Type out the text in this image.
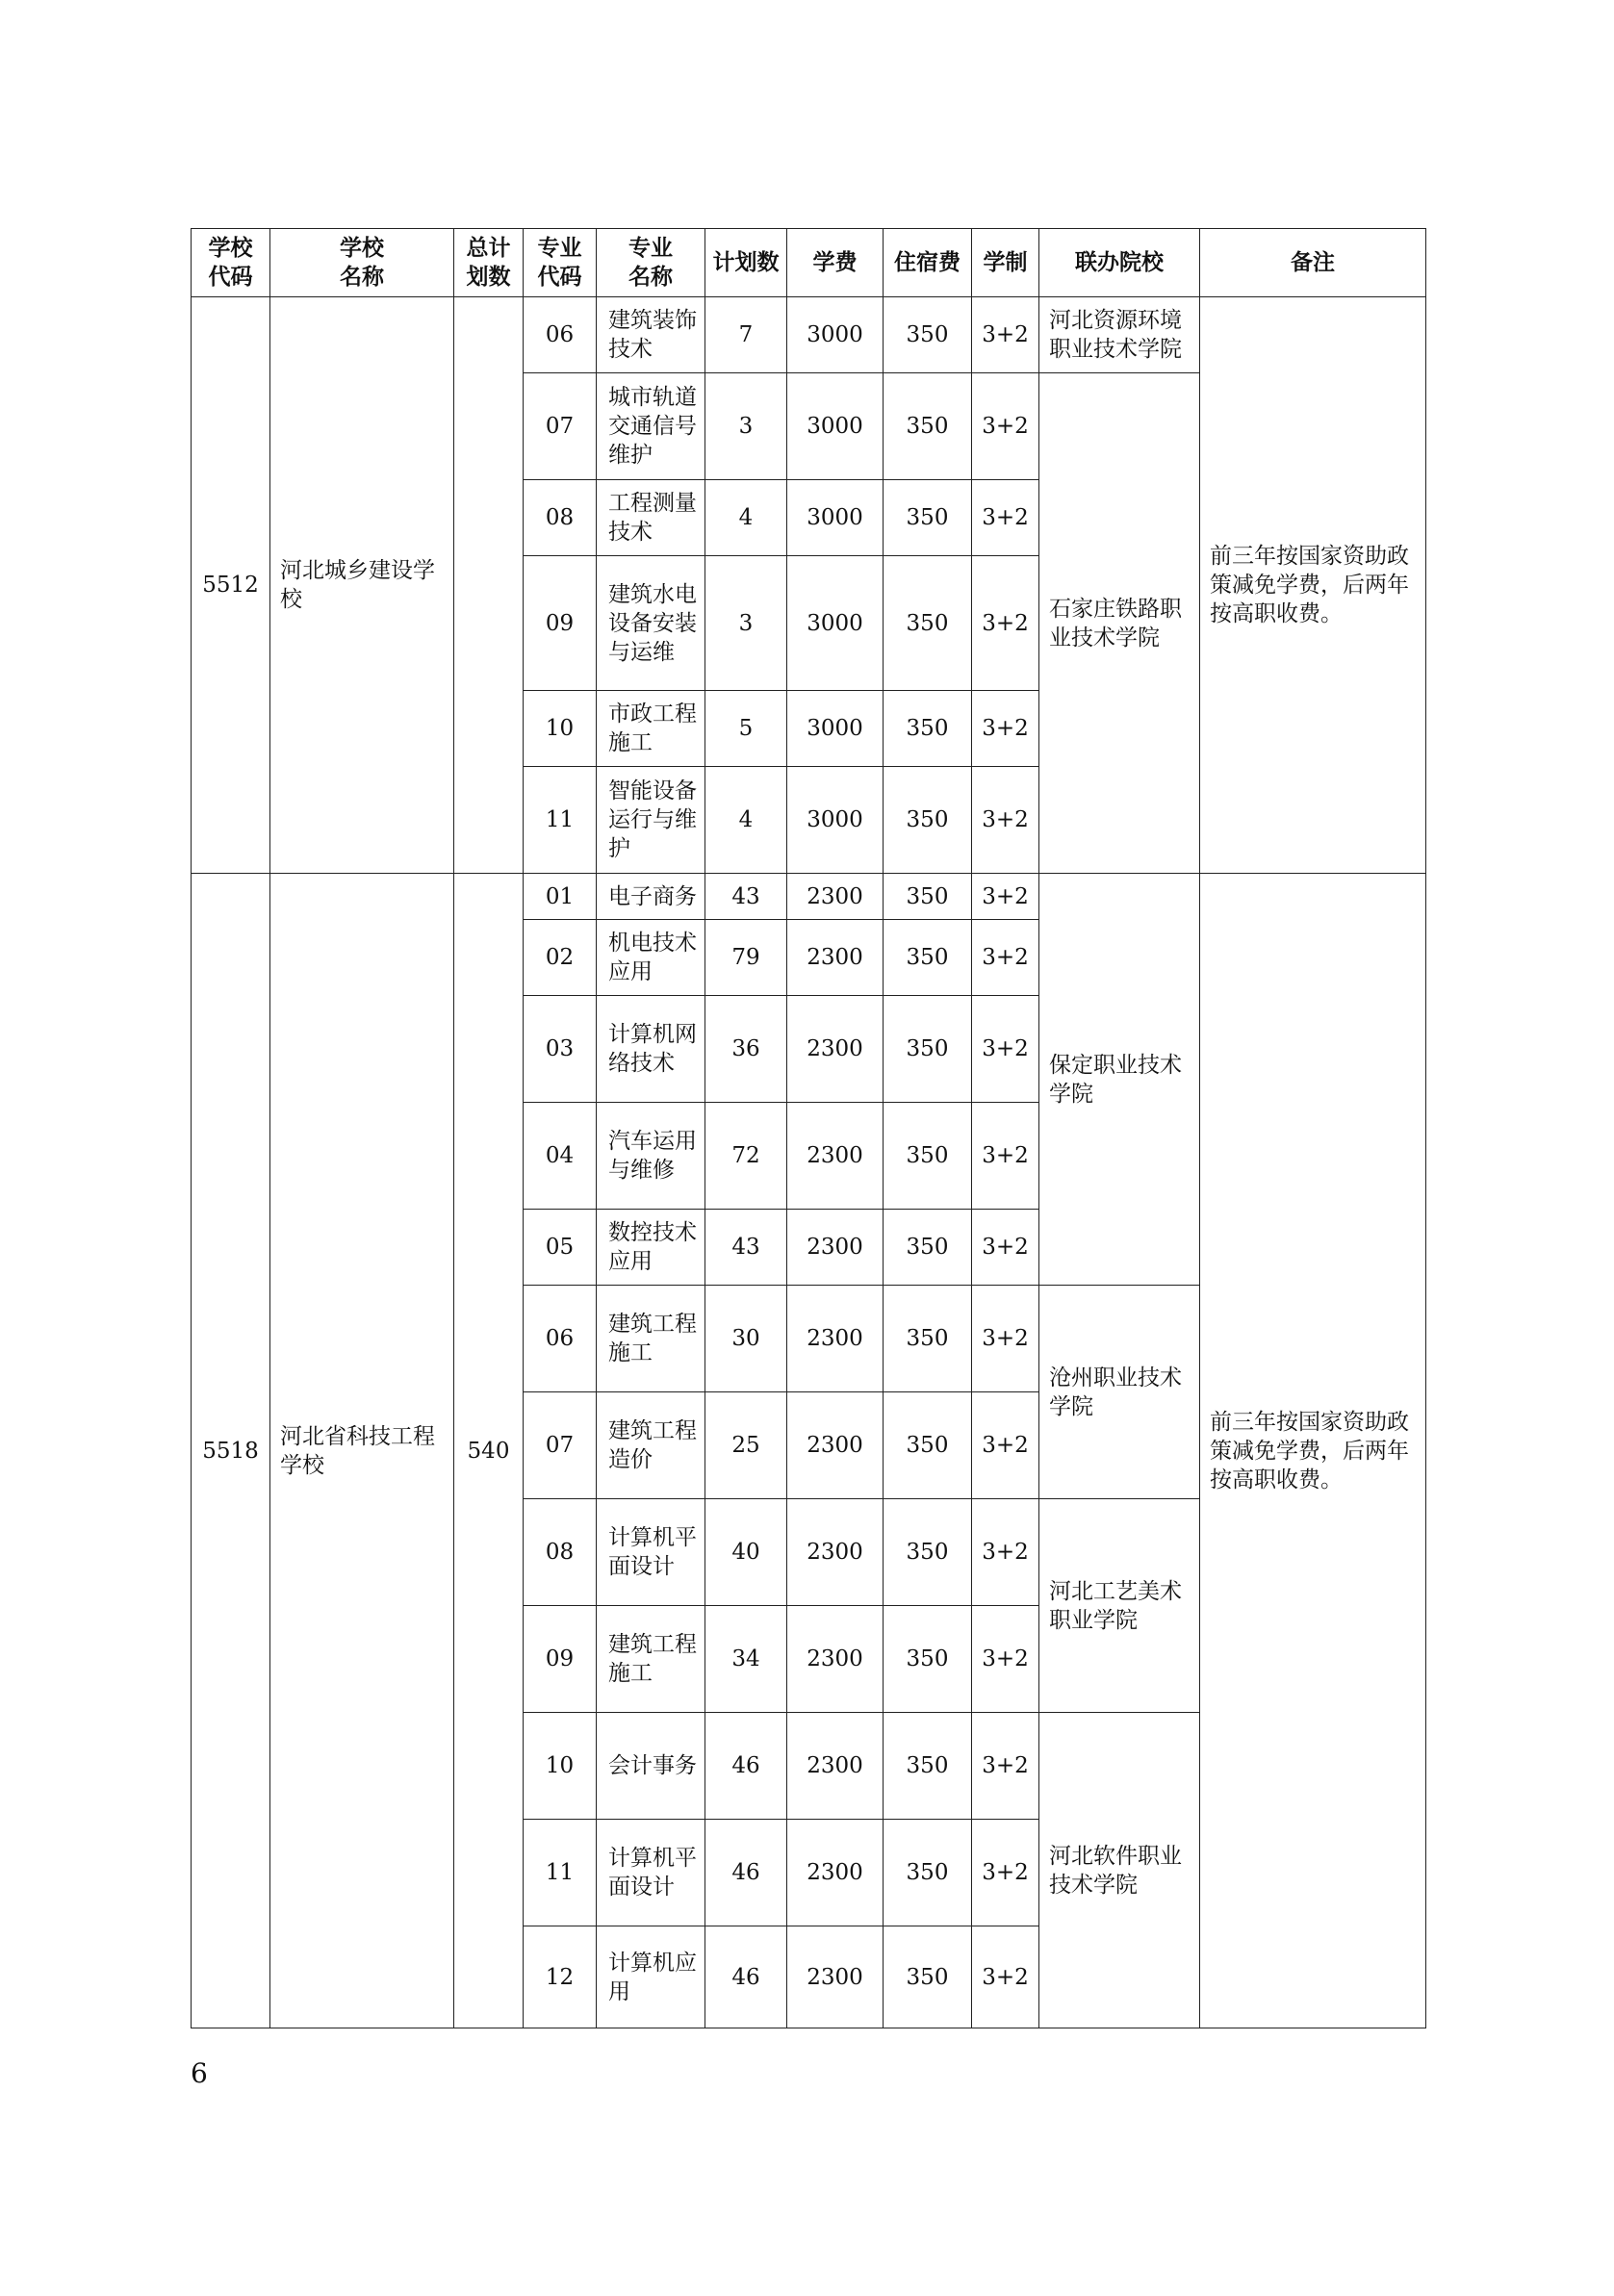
学校代码	学校名称	总计划数	专业代码	专业名称	计划数	学费	住宿费	学制	联办院校	备注
5512	河北城乡建设学校		06	建筑装饰技术	7	3000	350	3+2	河北资源环境职业技术学院	前三年按国家资助政策减免学费，后两年按高职收费。
			07	城市轨道交通信号维护	3	3000	350	3+2	石家庄铁路职业技术学院	
			08	工程测量技术	4	3000	350	3+2		
			09	建筑水电设备安装与运维	3	3000	350	3+2		
			10	市政工程施工	5	3000	350	3+2		
			11	智能设备运行与维护	4	3000	350	3+2		
5518	河北省科技工程学校	540	01	电子商务	43	2300	350	3+2	保定职业技术学院	前三年按国家资助政策减免学费，后两年按高职收费。
			02	机电技术应用	79	2300	350	3+2		
			03	计算机网络技术	36	2300	350	3+2		
			04	汽车运用与维修	72	2300	350	3+2		
			05	数控技术应用	43	2300	350	3+2		
			06	建筑工程施工	30	2300	350	3+2	沧州职业技术学院	
			07	建筑工程造价	25	2300	350	3+2		
			08	计算机平面设计	40	2300	350	3+2	河北工艺美术职业学院	
			09	建筑工程施工	34	2300	350	3+2		
			10	会计事务	46	2300	350	3+2	河北软件职业技术学院	
			11	计算机平面设计	46	2300	350	3+2		
			12	计算机应用	46	2300	350	3+2		
6
